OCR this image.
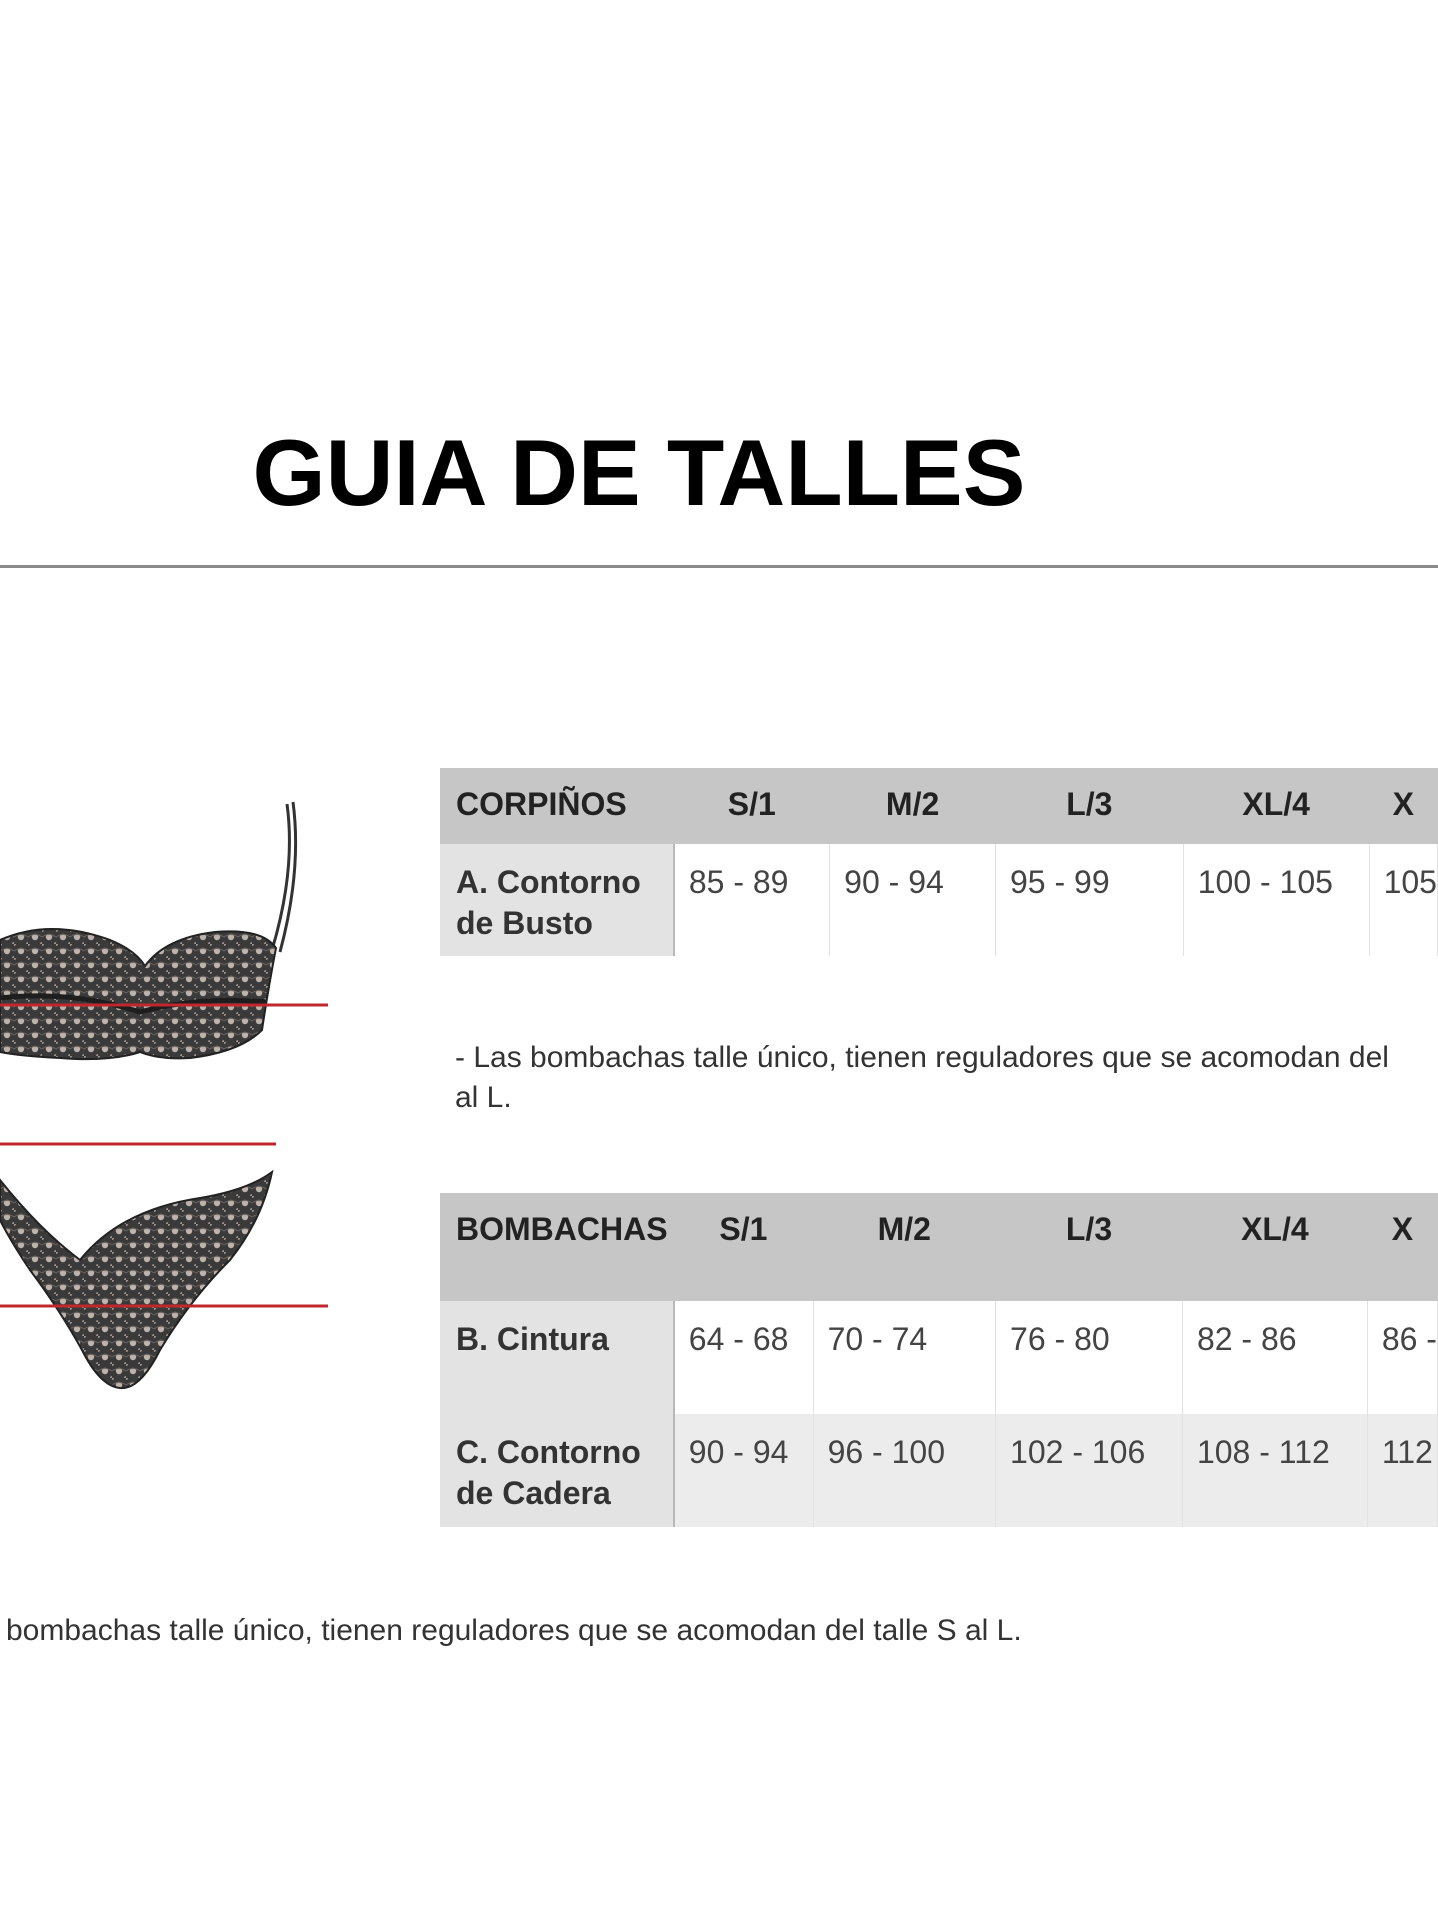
GUIA DE TALLES
CORPIÑOS	S/1	M/2	L/3	XL/4	X
A. Contorno de Busto	85 - 89	90 - 94	95 - 99	100 - 105	105

- Las bombachas talle único, tienen reguladores que se acomodan del
al L.

BOMBACHAS	S/1	M/2	L/3	XL/4	X
B. Cintura	64 - 68	70 - 74	76 - 80	82 - 86	86 -
C. Contorno de Cadera	90 - 94	96 - 100	102 - 106	108 - 112	112

bombachas talle único, tienen reguladores que se acomodan del talle S al L.
